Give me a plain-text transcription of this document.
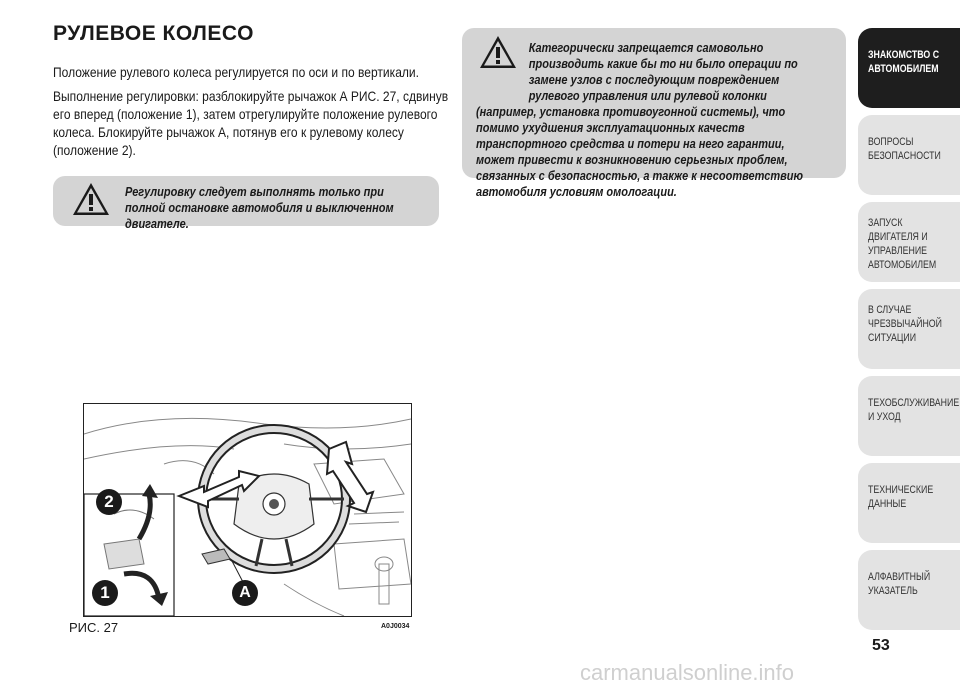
РУЛЕВОЕ КОЛЕСО
Положение рулевого колеса регулируется по оси и по вертикали.
Выполнение регулировки: разблокируйте рычажок А РИС. 27, сдвинув его вперед (положение 1), затем отрегулируйте положение рулевого колеса. Блокируйте рычажок А, потянув его к рулевому колесу (положение 2).
Регулировку следует выполнять только при полной остановке автомобиля и выключенном двигателе.
Категорически запрещается самовольно производить какие бы то ни было операции по замене узлов с последующим повреждением рулевого управления или рулевой колонки
(например, установка противоугонной системы), что помимо ухудшения эксплуатационных качеств транспортного средства и потери на него гарантии, может привести к возникновению серьезных проблем, связанных с безопасностью, а также к несоответствию автомобиля условиям омологации.
2
1	A
РИС. 27	A0J0034
ЗНАКОМСТВО С
АВТОМОБИЛЕМ
ВОПРОСЫ
БЕЗОПАСНОСТИ
ЗАПУСК ДВИГАТЕЛЯ И
УПРАВЛЕНИЕ
АВТОМОБИЛЕМ
В СЛУЧАЕ
ЧРЕЗВЫЧАЙНОЙ
СИТУАЦИИ
ТЕХОБСЛУЖИВАНИЕ
И УХОД
ТЕХНИЧЕСКИЕ
ДАННЫЕ
АЛФАВИТНЫЙ
УКАЗАТЕЛЬ
53
carmanualsonline.info
